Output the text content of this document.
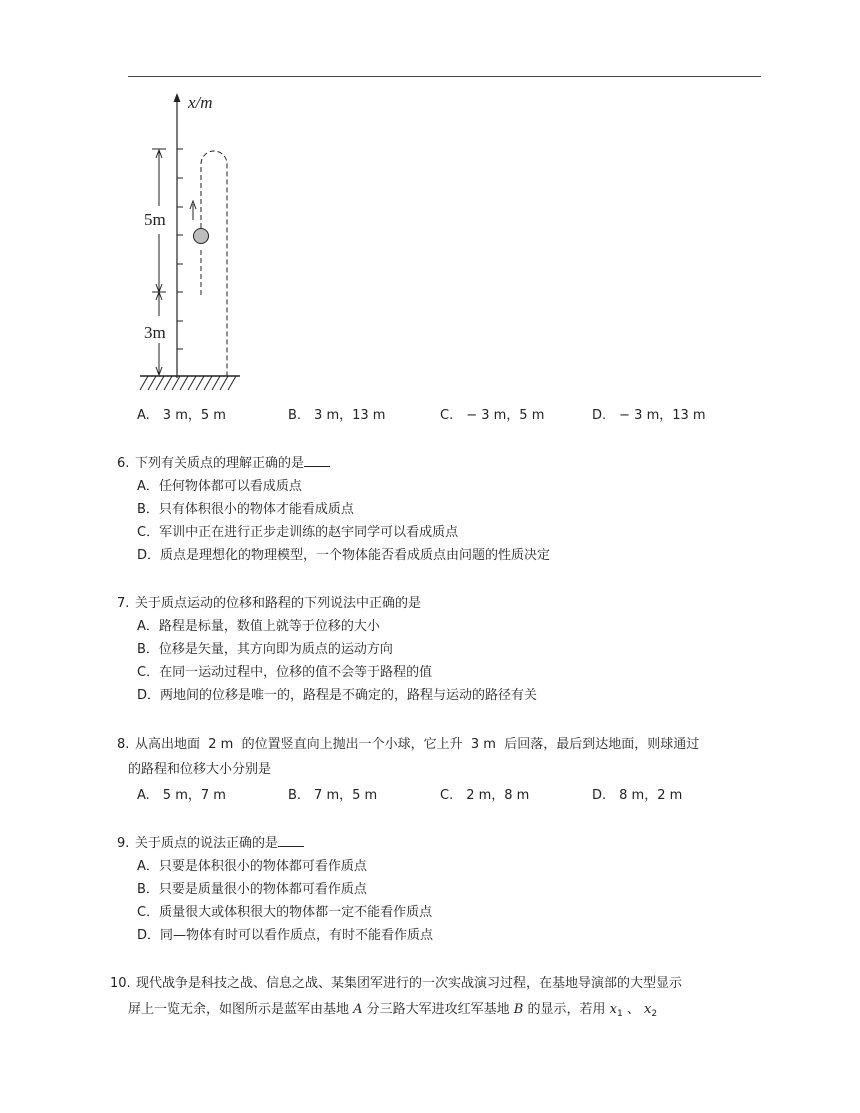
x/m
5m
3m
A.　3 m，5 m	B.　3 m，13 m	C.　− 3 m，5 m	D.　− 3 m，13 m
6. 下列有关质点的理解正确的是
A．任何物体都可以看成质点
B．只有体积很小的物体才能看成质点
C．军训中正在进行正步走训练的赵宇同学可以看成质点
D．质点是理想化的物理模型，一个物体能否看成质点由问题的性质决定
7. 关于质点运动的位移和路程的下列说法中正确的是
A．路程是标量，数值上就等于位移的大小
B．位移是矢量，其方向即为质点的运动方向
C．在同一运动过程中，位移的值不会等于路程的值
D．两地间的位移是唯一的，路程是不确定的，路程与运动的路径有关
8. 从高出地面  2 m  的位置竖直向上抛出一个小球，它上升  3 m  后回落，最后到达地面，则球通过
的路程和位移大小分别是
A.　5 m，7 m	B.　7 m，5 m	C.　2 m，8 m	D.　8 m，2 m
9. 关于质点的说法正确的是
A．只要是体积很小的物体都可看作质点
B．只要是质量很小的物体都可看作质点
C．质量很大或体积很大的物体都一定不能看作质点
D．同—物体有时可以看作质点，有时不能看作质点
10. 现代战争是科技之战、信息之战、某集团军进行的一次实战演习过程，在基地导演部的大型显示
屏上一览无余，如图所示是蓝军由基地 A 分三路大军进攻红军基地 B 的显示，若用 $x_1$ 、 $x_2$
